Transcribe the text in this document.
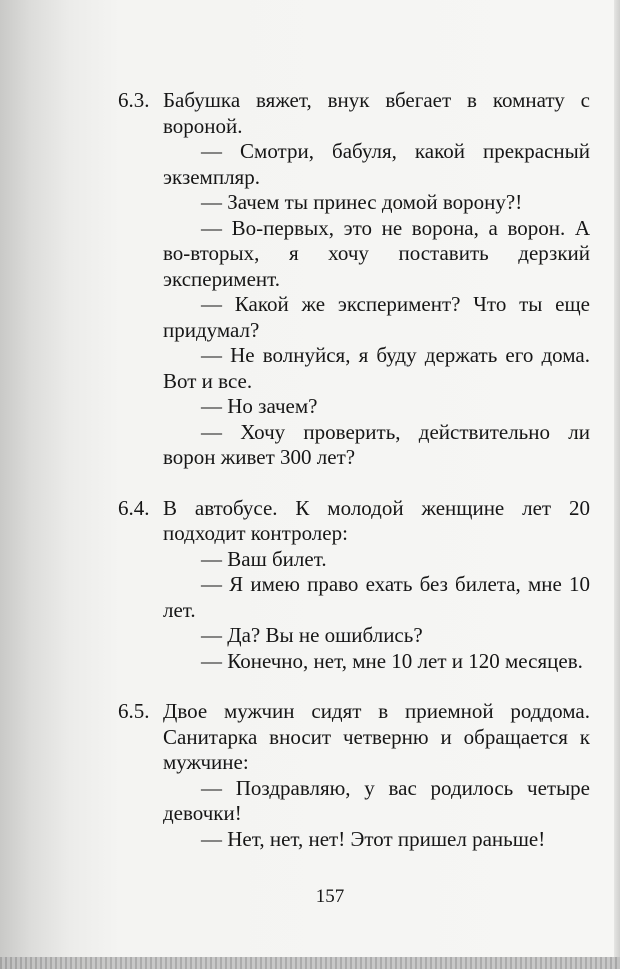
6.3. Бабушка вяжет, внук вбегает в комнату с вороной.
— Смотри, бабуля, какой прекрасный экземпляр.
— Зачем ты принес домой ворону?!
— Во-первых, это не ворона, а ворон. А во-вторых, я хочу поставить дерзкий эксперимент.
— Какой же эксперимент? Что ты еще придумал?
— Не волнуйся, я буду держать его дома. Вот и все.
— Но зачем?
— Хочу проверить, действительно ли ворон живет 300 лет?
6.4. В автобусе. К молодой женщине лет 20 подходит контролер:
— Ваш билет.
— Я имею право ехать без билета, мне 10 лет.
— Да? Вы не ошиблись?
— Конечно, нет, мне 10 лет и 120 месяцев.
6.5. Двое мужчин сидят в приемной роддома. Санитарка вносит четверню и обращается к мужчине:
— Поздравляю, у вас родилось четыре девочки!
— Нет, нет, нет! Этот пришел раньше!
157
